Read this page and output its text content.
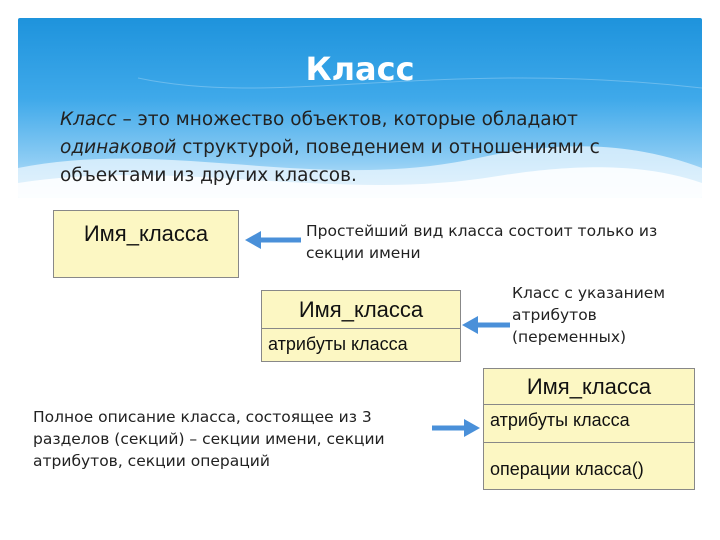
Класс
Класс – это множество объектов, которые обладают одинаковой структурой, поведением и отношениями с объектами из других классов.
Имя_класса	Простейший вид класса состоит только из секции имени
Имя_класса
атрибуты класса
Класс с указанием атрибутов (переменных)
Полное описание класса, состоящее из 3 разделов (секций) – секции имени, секции атрибутов, секции операций
Имя_класса
атрибуты класса
операции класса()
